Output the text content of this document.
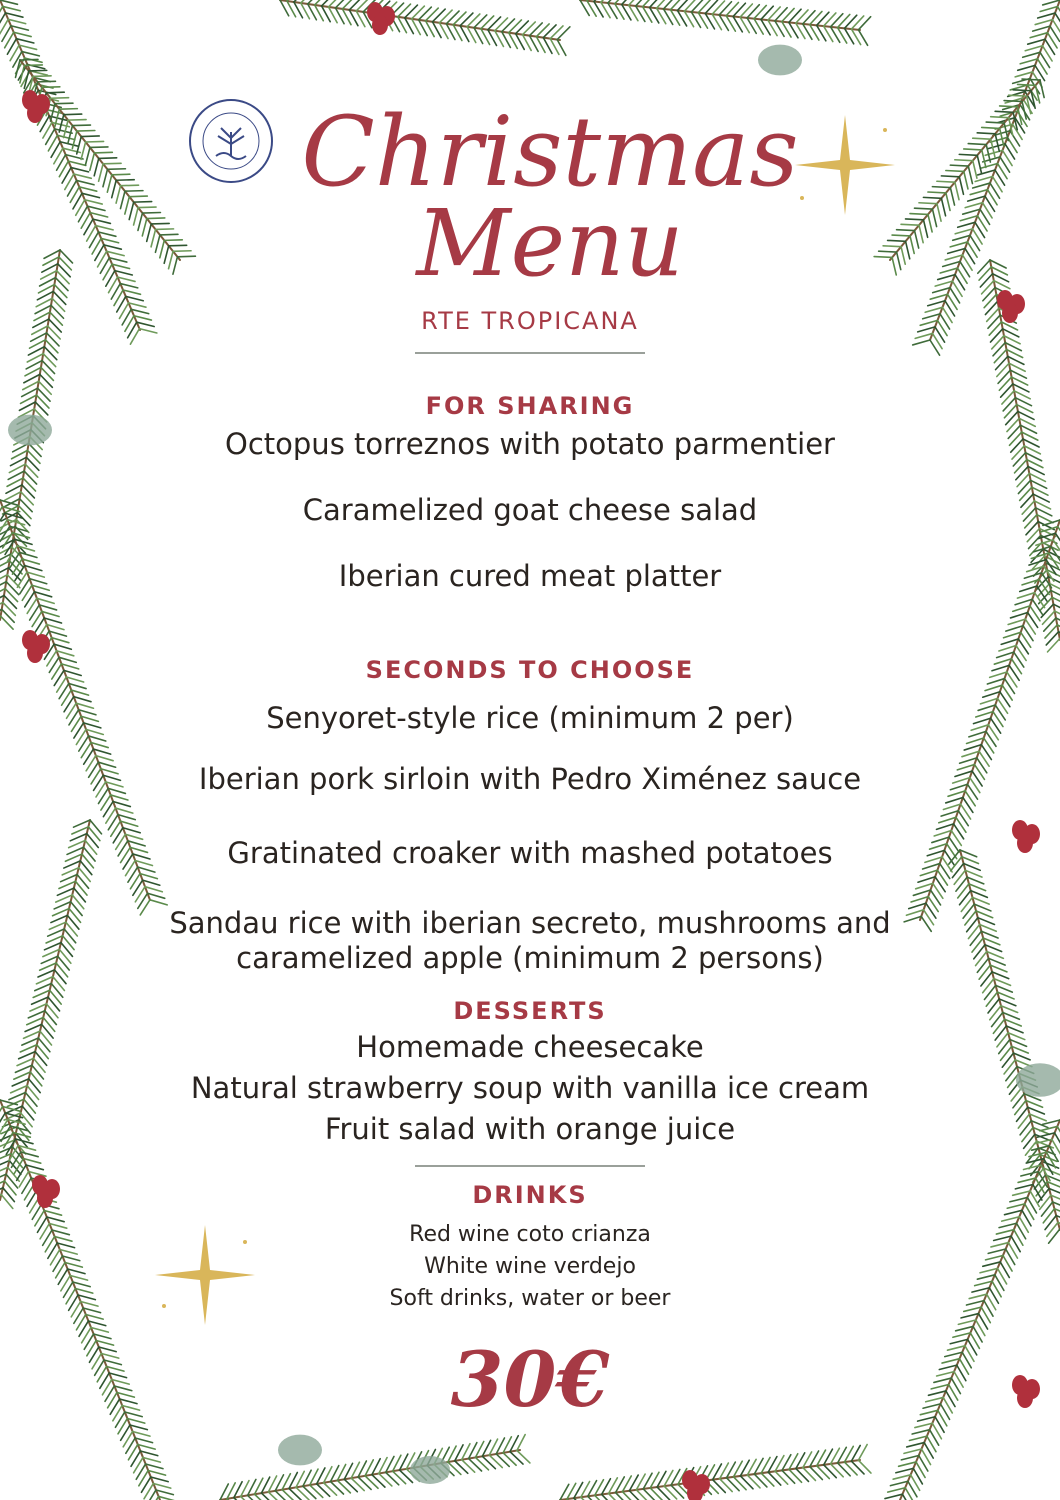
Christmas
Menu
RTE TROPICANA
FOR SHARING
Octopus torreznos with potato parmentier
Caramelized goat cheese salad
Iberian cured meat platter
SECONDS TO CHOOSE
Senyoret-style rice (minimum 2 per)
Iberian pork sirloin with Pedro Ximénez sauce
Gratinated croaker with mashed potatoes
Sandau rice with iberian secreto, mushrooms and
caramelized apple (minimum 2 persons)
DESSERTS
Homemade cheesecake
Natural strawberry soup with vanilla ice cream
Fruit salad with orange juice
DRINKS
Red wine coto crianza
White wine verdejo
Soft drinks, water or beer
30€
